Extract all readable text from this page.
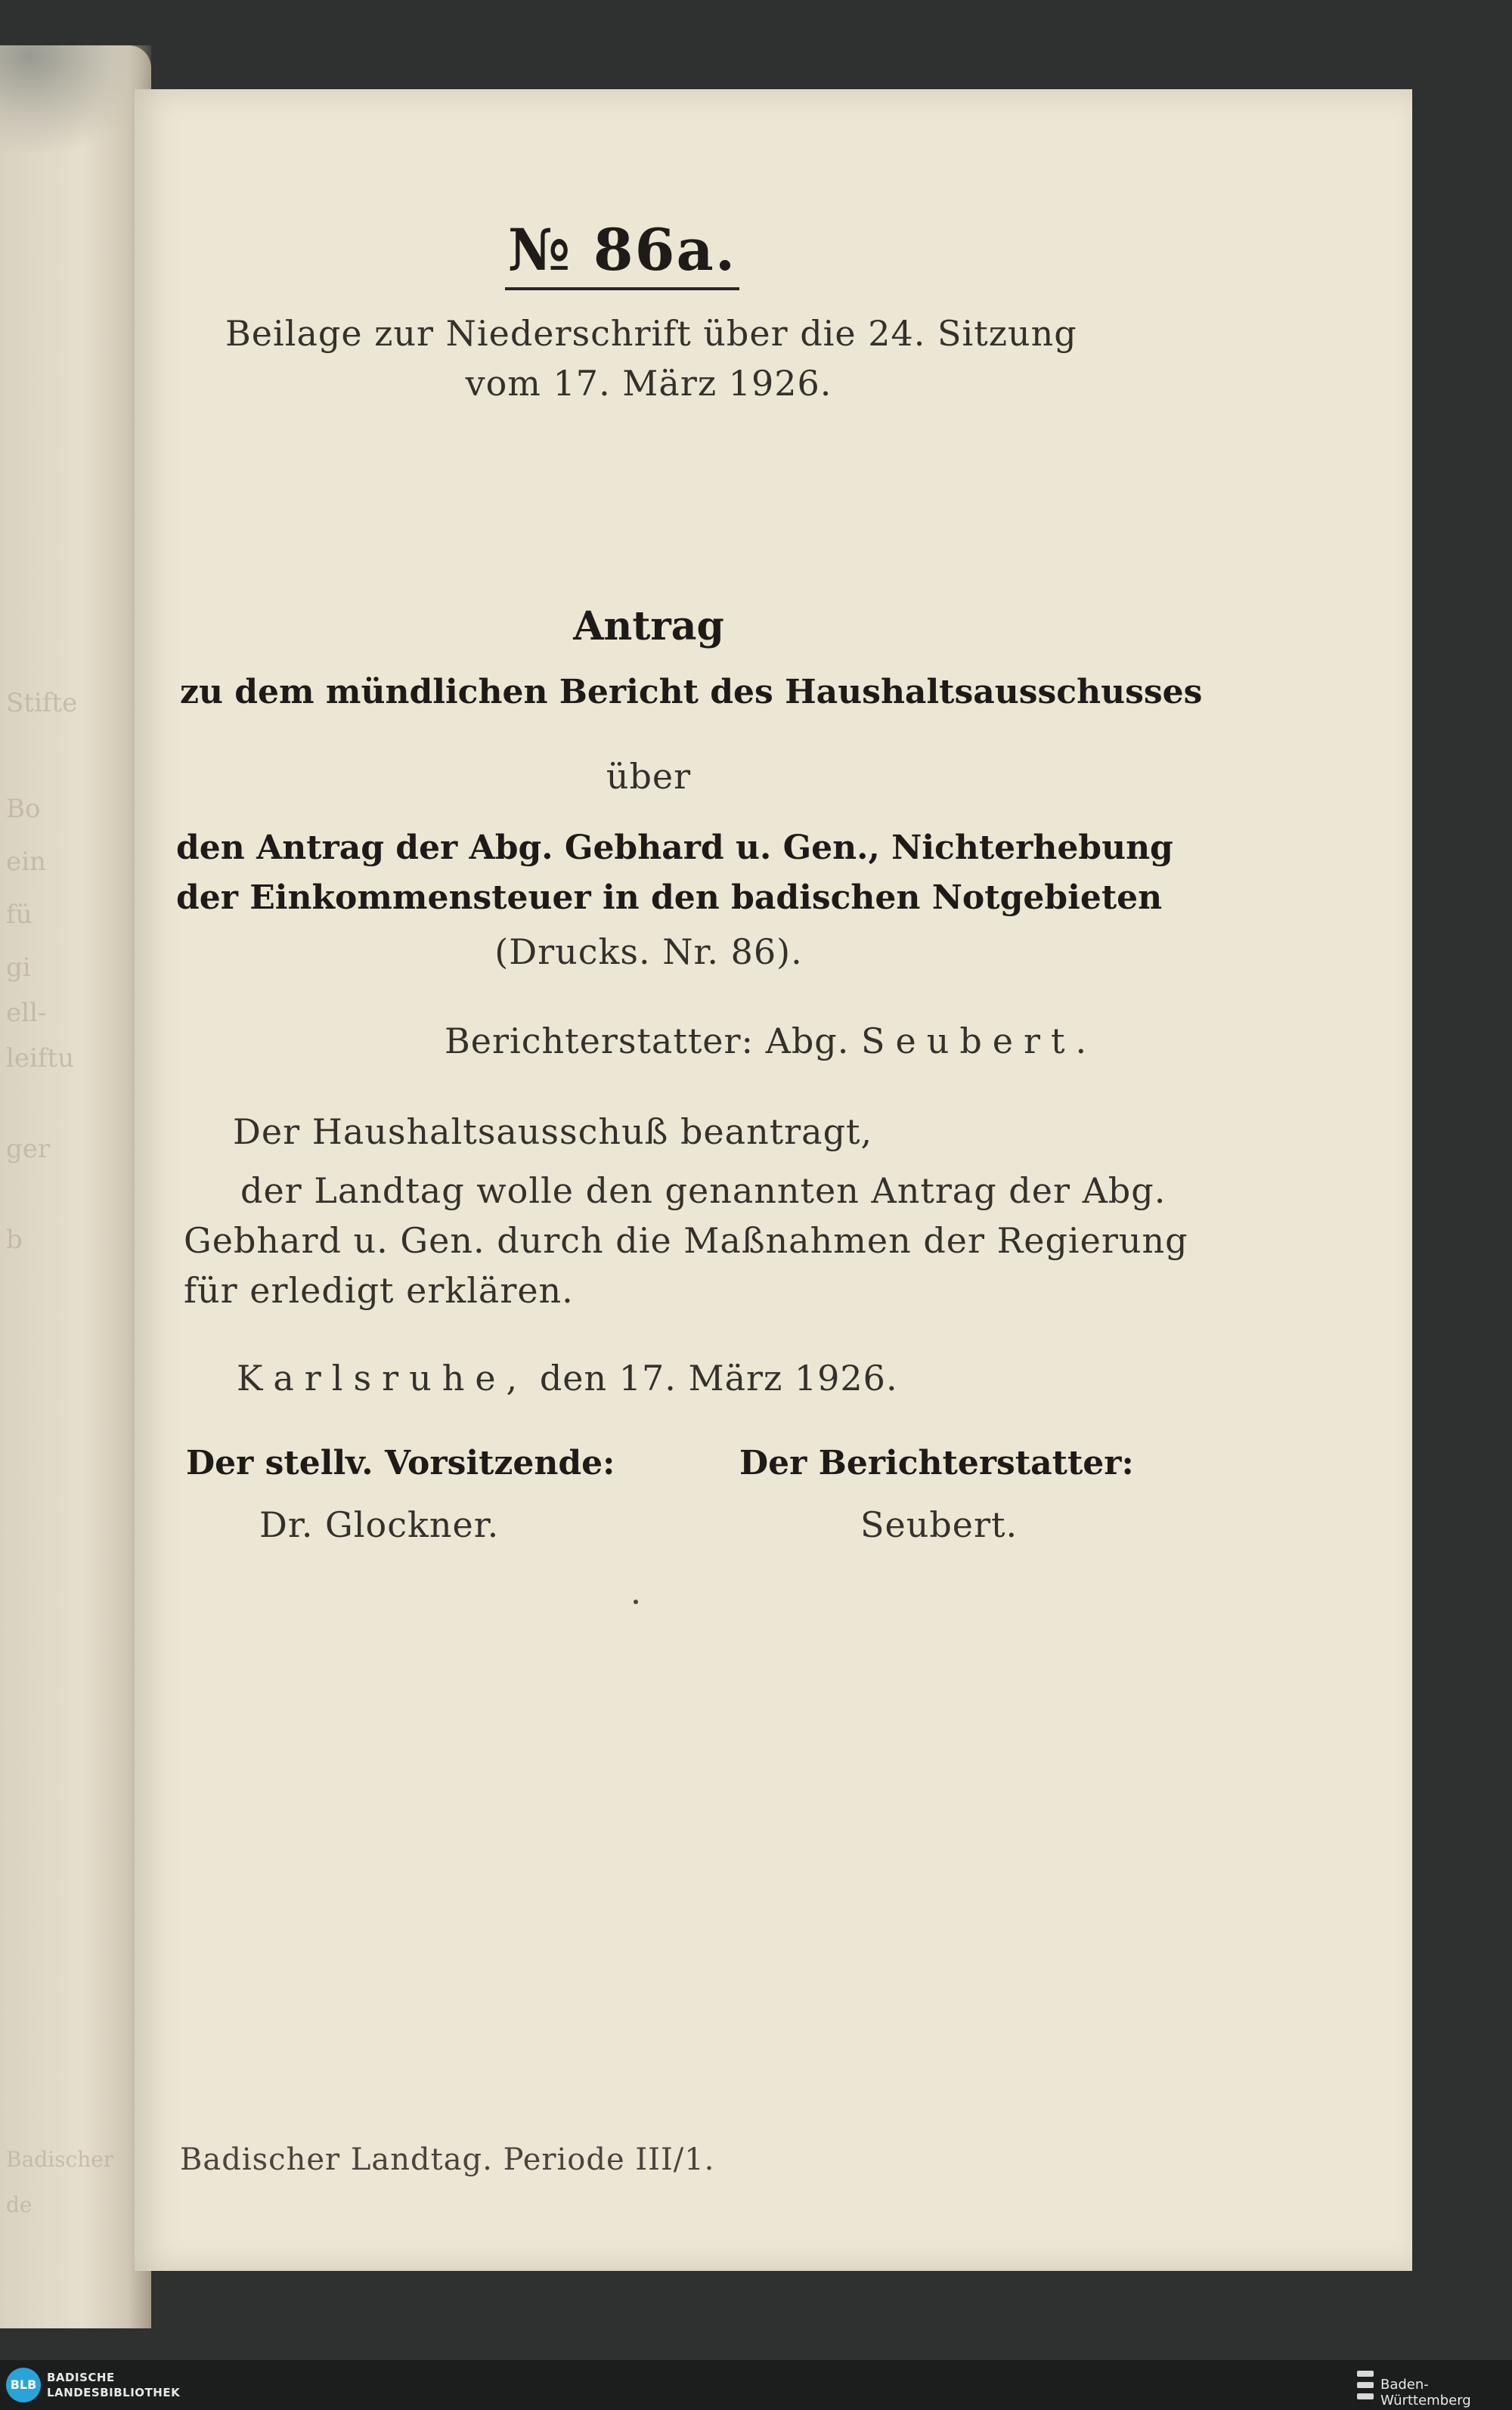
Stifte
Bo
ein
fü
gi
ell-
leiftu
ger
b
Badischer
de
№ 86a.
Beilage zur Niederschrift über die 24. Sitzung
vom 17. März 1926.
Antrag
zu dem mündlichen Bericht des Haushaltsausschusses
über
den Antrag der Abg. Gebhard u. Gen., Nichterhebung
der Einkommensteuer in den badischen Notgebieten
(Drucks. Nr. 86).
Berichterstatter: Abg. Seubert.
Der Haushaltsausschuß beantragt,
der Landtag wolle den genannten Antrag der Abg.
Gebhard u. Gen. durch die Maßnahmen der Regierung
für erledigt erklären.
Karlsruhe, den 17. März 1926.
Der stellv. Vorsitzende:
Dr. Glockner.
Der Berichterstatter:
Seubert.
Badischer Landtag. Periode III/1.
BLB BADISCHE
LANDESBIBLIOTHEK	Baden-Württemberg
